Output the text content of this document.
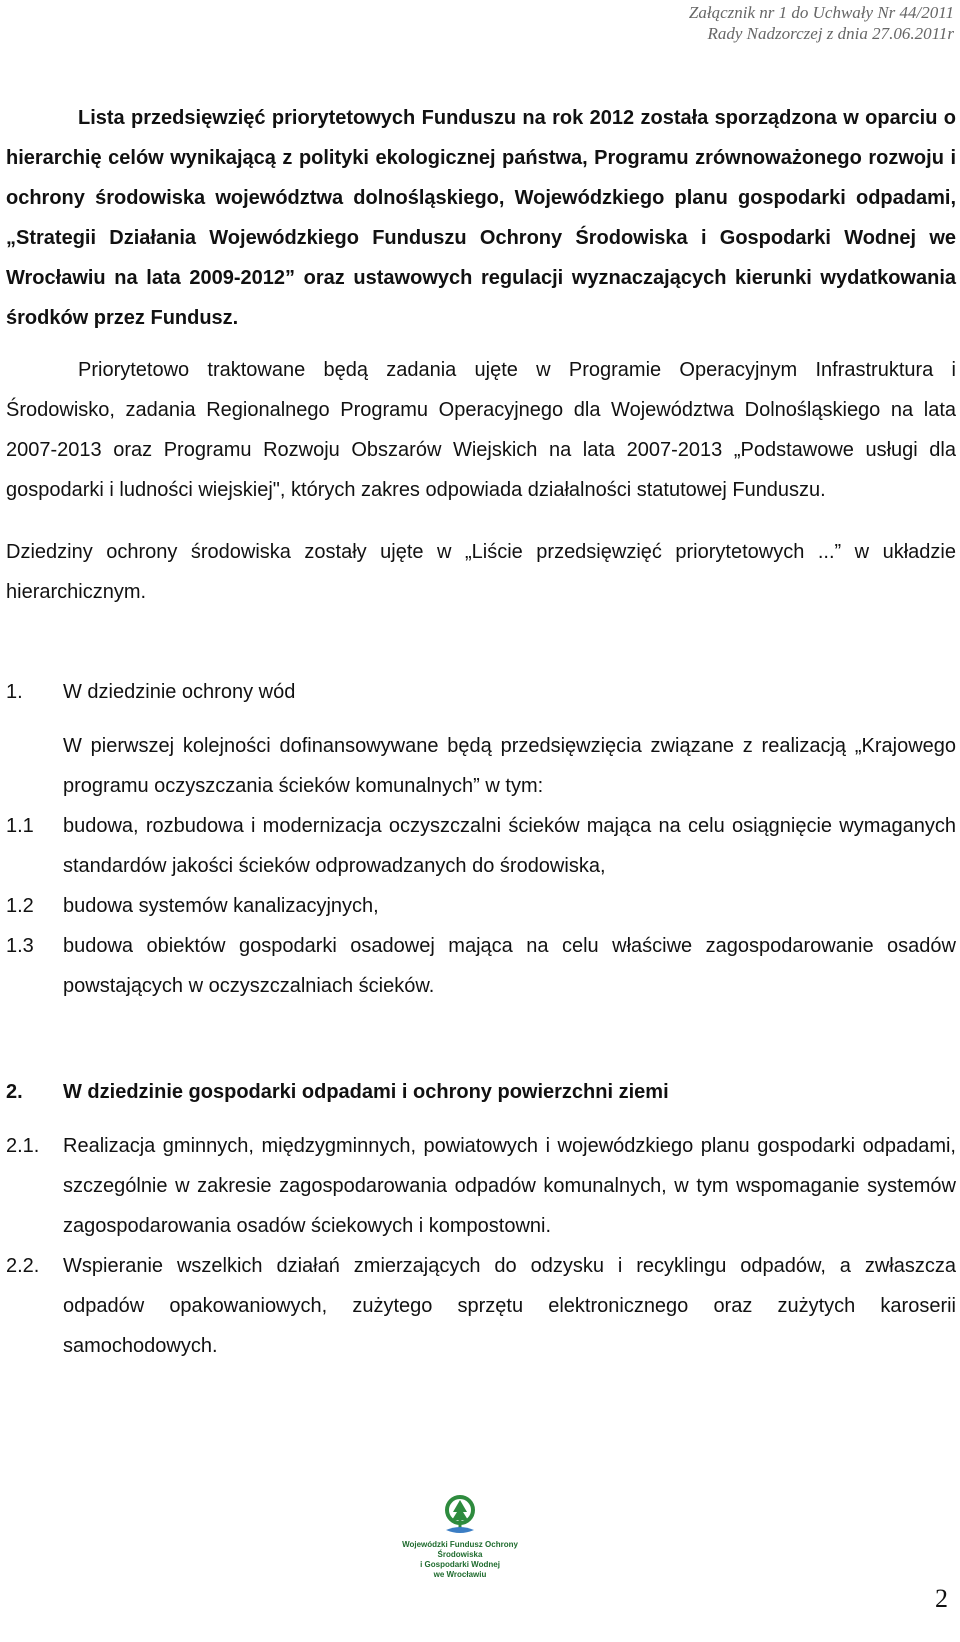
Załącznik nr 1 do Uchwały Nr 44/2011
Rady Nadzorczej z dnia 27.06.2011r

Lista przedsięwzięć priorytetowych Funduszu na rok 2012 została sporządzona w oparciu o hierarchię celów wynikającą z polityki ekologicznej państwa, Programu zrównoważonego rozwoju i ochrony środowiska województwa dolnośląskiego, Wojewódzkiego planu gospodarki odpadami, „Strategii Działania Wojewódzkiego Funduszu Ochrony Środowiska i Gospodarki Wodnej we Wrocławiu na lata 2009-2012” oraz ustawowych regulacji wyznaczających kierunki wydatkowania środków przez Fundusz.

Priorytetowo traktowane będą zadania ujęte w Programie Operacyjnym Infrastruktura i Środowisko, zadania Regionalnego Programu Operacyjnego dla Województwa Dolnośląskiego na lata 2007-2013 oraz Programu Rozwoju Obszarów Wiejskich na lata 2007-2013 „Podstawowe usługi dla gospodarki i ludności wiejskiej", których zakres odpowiada działalności statutowej Funduszu.

Dziedziny ochrony środowiska zostały ujęte w „Liście przedsięwzięć priorytetowych ...” w układzie hierarchicznym.

1.	W dziedzinie ochrony wód
W pierwszej kolejności dofinansowywane będą przedsięwzięcia związane z realizacją „Krajowego programu oczyszczania ścieków komunalnych” w tym:
1.1	budowa, rozbudowa i modernizacja oczyszczalni ścieków mająca na celu osiągnięcie wymaganych standardów jakości ścieków odprowadzanych do środowiska,
1.2	budowa systemów kanalizacyjnych,
1.3	budowa obiektów gospodarki osadowej mająca na celu właściwe zagospodarowanie osadów powstających w oczyszczalniach ścieków.
2.	W dziedzinie gospodarki odpadami i ochrony powierzchni ziemi
2.1.	Realizacja gminnych, międzygminnych, powiatowych i wojewódzkiego planu gospodarki odpadami, szczególnie w zakresie zagospodarowania odpadów komunalnych, w tym wspomaganie systemów zagospodarowania osadów ściekowych i kompostowni.
2.2.	Wspieranie wszelkich działań zmierzających do odzysku i recyklingu odpadów, a zwłaszcza odpadów opakowaniowych, zużytego sprzętu elektronicznego oraz zużytych karoserii samochodowych.
Wojewódzki Fundusz Ochrony Środowiska
i Gospodarki Wodnej
we Wrocławiu
2
